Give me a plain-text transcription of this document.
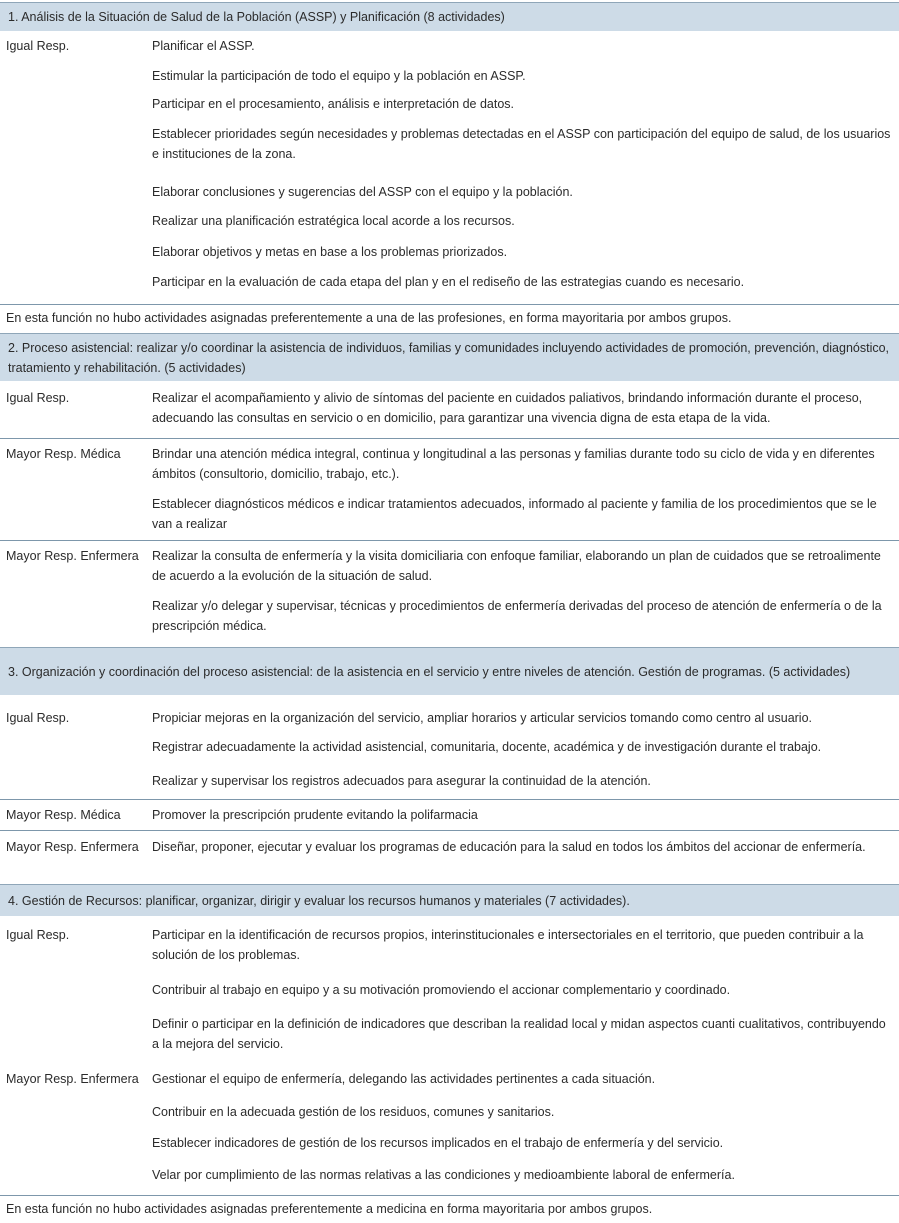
1. Análisis de la Situación de Salud de la Población (ASSP) y Planificación (8 actividades)
Igual Resp.	Planificar el ASSP.
Estimular la participación de todo el equipo y la población en ASSP.
Participar en el procesamiento, análisis e interpretación de datos.
Establecer prioridades según necesidades y problemas detectadas en el ASSP con participación del equipo de salud, de los usuarios e instituciones de la zona.
Elaborar conclusiones y sugerencias del ASSP con el equipo y la población.
Realizar una planificación estratégica local acorde a los recursos.
Elaborar objetivos y metas en base a los problemas priorizados.
Participar en la evaluación de cada etapa del plan y en el rediseño de las estrategias cuando es necesario.
En esta función no hubo actividades asignadas preferentemente a una de las profesiones, en forma mayoritaria por ambos grupos.
2. Proceso asistencial: realizar y/o coordinar la asistencia de individuos, familias y comunidades incluyendo actividades de promoción, prevención, diagnóstico, tratamiento y rehabilitación. (5 actividades)
Igual Resp.	Realizar el acompañamiento y alivio de síntomas del paciente en cuidados paliativos, brindando información durante el proceso, adecuando las consultas en servicio o en domicilio, para garantizar una vivencia digna de esta etapa de la vida.
Mayor Resp. Médica	Brindar una atención médica integral, continua y longitudinal a las personas y familias durante todo su ciclo de vida y en diferentes ámbitos (consultorio, domicilio, trabajo, etc.).
Establecer diagnósticos médicos e indicar tratamientos adecuados, informado al paciente y familia de los procedimientos que se le van a realizar
Mayor Resp. Enfermera	Realizar la consulta de enfermería y la visita domiciliaria con enfoque familiar, elaborando un plan de cuidados que se retroalimente de acuerdo a la evolución de la situación de salud.
Realizar y/o delegar y supervisar, técnicas y procedimientos de enfermería derivadas del proceso de atención de enfermería o de la prescripción médica.
3. Organización y coordinación del proceso asistencial: de la asistencia en el servicio y entre niveles de atención. Gestión de programas. (5 actividades)
Igual Resp.	Propiciar mejoras en la organización del servicio, ampliar horarios y articular servicios tomando como centro al usuario.
Registrar adecuadamente la actividad asistencial, comunitaria, docente, académica y de investigación durante el trabajo.
Realizar y supervisar los registros adecuados para asegurar la continuidad de la atención.
Mayor Resp. Médica	Promover la prescripción prudente evitando la polifarmacia
Mayor Resp. Enfermera	Diseñar, proponer, ejecutar y evaluar los programas de educación para la salud en todos los ámbitos del accionar de enfermería.
4. Gestión de Recursos: planificar, organizar, dirigir y evaluar los recursos humanos y materiales (7 actividades).
Igual Resp.	Participar en la identificación de recursos propios, interinstitucionales e intersectoriales en el territorio, que pueden contribuir a la solución de los problemas.
Contribuir al trabajo en equipo y a su motivación promoviendo el accionar complementario y coordinado.
Definir o participar en la definición de indicadores que describan la realidad local y midan aspectos cuanti cualitativos, contribuyendo a la mejora del servicio.
Mayor Resp. Enfermera	Gestionar el equipo de enfermería, delegando las actividades pertinentes a cada situación.
Contribuir en la adecuada gestión de los residuos, comunes y sanitarios.
Establecer indicadores de gestión de los recursos implicados en el trabajo de enfermería y del servicio.
Velar por cumplimiento de las normas relativas a las condiciones y medioambiente laboral de enfermería.
En esta función no hubo actividades asignadas preferentemente a medicina en forma mayoritaria por ambos grupos.
